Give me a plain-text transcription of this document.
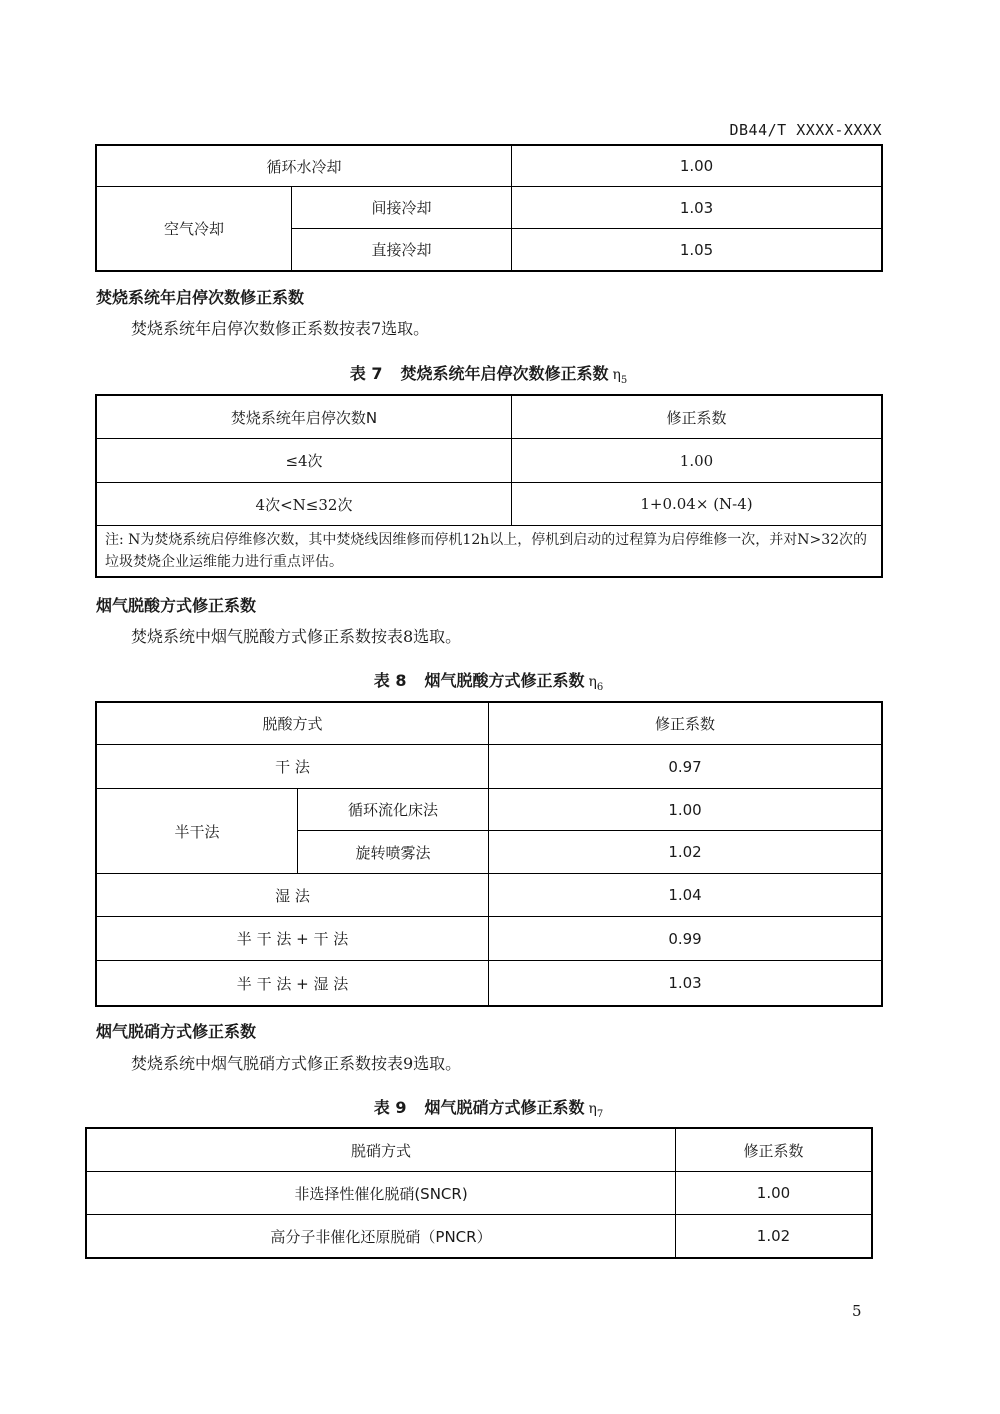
DB44/T XXXX-XXXX
循环水冷却		1.00
空气冷却	间接冷却	1.03
	直接冷却	1.05
焚烧系统年启停次数修正系数
焚烧系统年启停次数修正系数按表7选取。
表 7 焚烧系统年启停次数修正系数 $\eta_5$
焚烧系统年启停次数N	修正系数
≤4次	1.00
4次<N≤32次	1+0.04× (N-4)
注: N为焚烧系统启停维修次数，其中焚烧线因维修而停机12h以上，停机到启动的过程算为启停维修一次，并对N>32次的垃圾焚烧企业运维能力进行重点评估。	
烟气脱酸方式修正系数
焚烧系统中烟气脱酸方式修正系数按表8选取。
表 8 烟气脱酸方式修正系数 $\eta_6$
脱酸方式		修正系数
干 法		0.97
半干法	循环流化床法	1.00
	旋转喷雾法	1.02
湿 法		1.04
半 干 法 + 干 法		0.99
半 干 法 + 湿 法		1.03
烟气脱硝方式修正系数
焚烧系统中烟气脱硝方式修正系数按表9选取。
表 9 烟气脱硝方式修正系数 $\eta_7$
脱硝方式	修正系数
非选择性催化脱硝(SNCR)	1.00
高分子非催化还原脱硝（PNCR）	1.02
5
